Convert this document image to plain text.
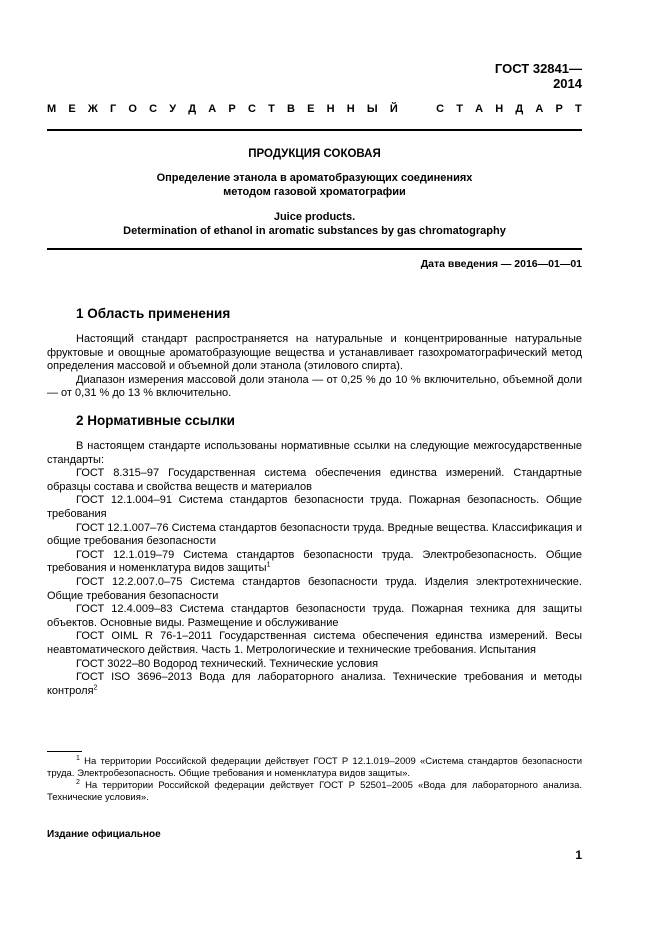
ГОСТ 32841—2014
М Е Ж Г О С У Д А Р С Т В Е Н Н Ы Й	С Т А Н Д А Р Т
ПРОДУКЦИЯ СОКОВАЯ
Определение этанола в ароматобразующих соединениях
методом газовой хроматографии
Juice products.
Determination of ethanol in aromatic substances by gas chromatography
Дата введения — 2016—01—01
1 Область применения

Настоящий стандарт распространяется на натуральные и концентрированные натуральные фруктовые и овощные ароматобразующие вещества и устанавливает газохроматографический метод определения массовой и объемной доли этанола (этилового спирта).

Диапазон измерения массовой доли этанола — от 0,25 % до 10 % включительно, объемной доли — от 0,31 % до 13 % включительно.

2 Нормативные ссылки

В настоящем стандарте использованы нормативные ссылки на следующие межгосударственные стандарты:

ГОСТ 8.315–97 Государственная система обеспечения единства измерений. Стандартные образцы состава и свойства веществ и материалов

ГОСТ 12.1.004–91 Система стандартов безопасности труда. Пожарная безопасность. Общие требования

ГОСТ 12.1.007–76 Система стандартов безопасности труда. Вредные вещества. Классификация и общие требования безопасности

ГОСТ 12.1.019–79 Система стандартов безопасности труда. Электробезопасность. Общие требования и номенклатура видов защиты$^1$

ГОСТ 12.2.007.0–75 Система стандартов безопасности труда. Изделия электротехнические. Общие требования безопасности

ГОСТ 12.4.009–83 Система стандартов безопасности труда. Пожарная техника для защиты объектов. Основные виды. Размещение и обслуживание

ГОСТ OIML R 76-1–2011 Государственная система обеспечения единства измерений. Весы неавтоматического действия. Часть 1. Метрологические и технические требования. Испытания

ГОСТ 3022–80 Водород технический. Технические условия

ГОСТ ISO 3696–2013 Вода для лабораторного анализа. Технические требования и методы контроля$^2$

$^1$ На территории Российской федерации действует ГОСТ Р 12.1.019–2009 «Система стандартов безопасности труда. Электробезопасность. Общие требования и номенклатура видов защиты».

$^2$ На территории Российской федерации действует ГОСТ Р 52501–2005 «Вода для лабораторного анализа. Технические условия».

Издание официальное
1
